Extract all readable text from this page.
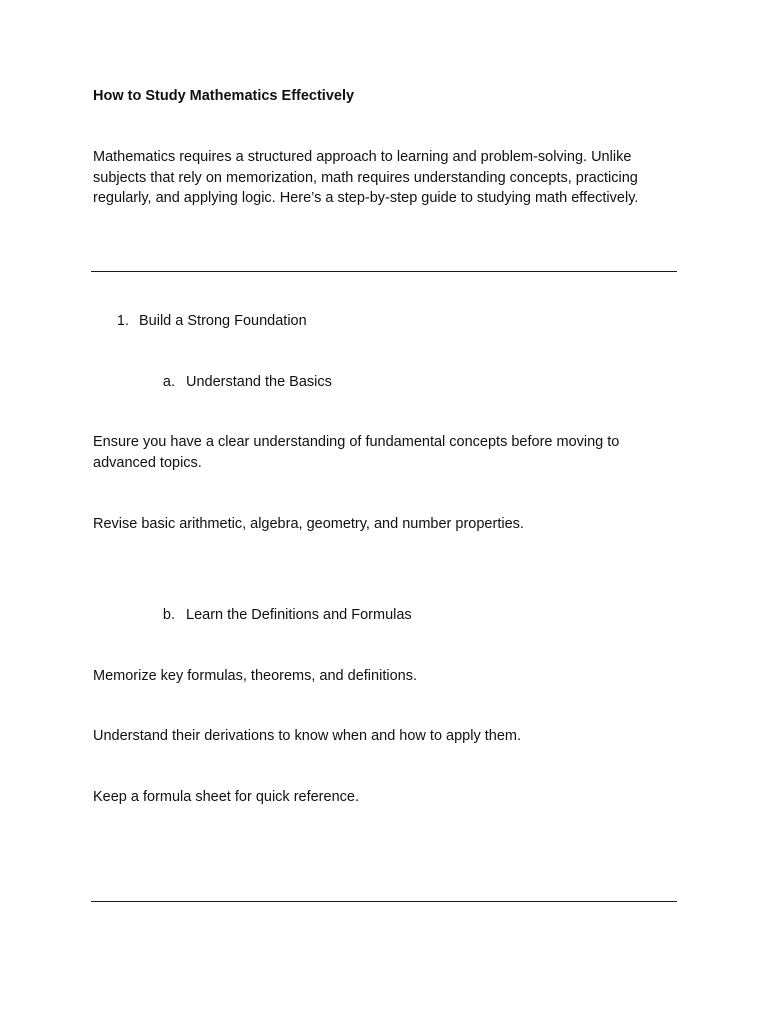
How to Study Mathematics Effectively
Mathematics requires a structured approach to learning and problem-solving. Unlike subjects that rely on memorization, math requires understanding concepts, practicing regularly, and applying logic. Here’s a step-by-step guide to studying math effectively.
1. Build a Strong Foundation
a. Understand the Basics
Ensure you have a clear understanding of fundamental concepts before moving to advanced topics.
Revise basic arithmetic, algebra, geometry, and number properties.
b. Learn the Definitions and Formulas
Memorize key formulas, theorems, and definitions.
Understand their derivations to know when and how to apply them.
Keep a formula sheet for quick reference.
